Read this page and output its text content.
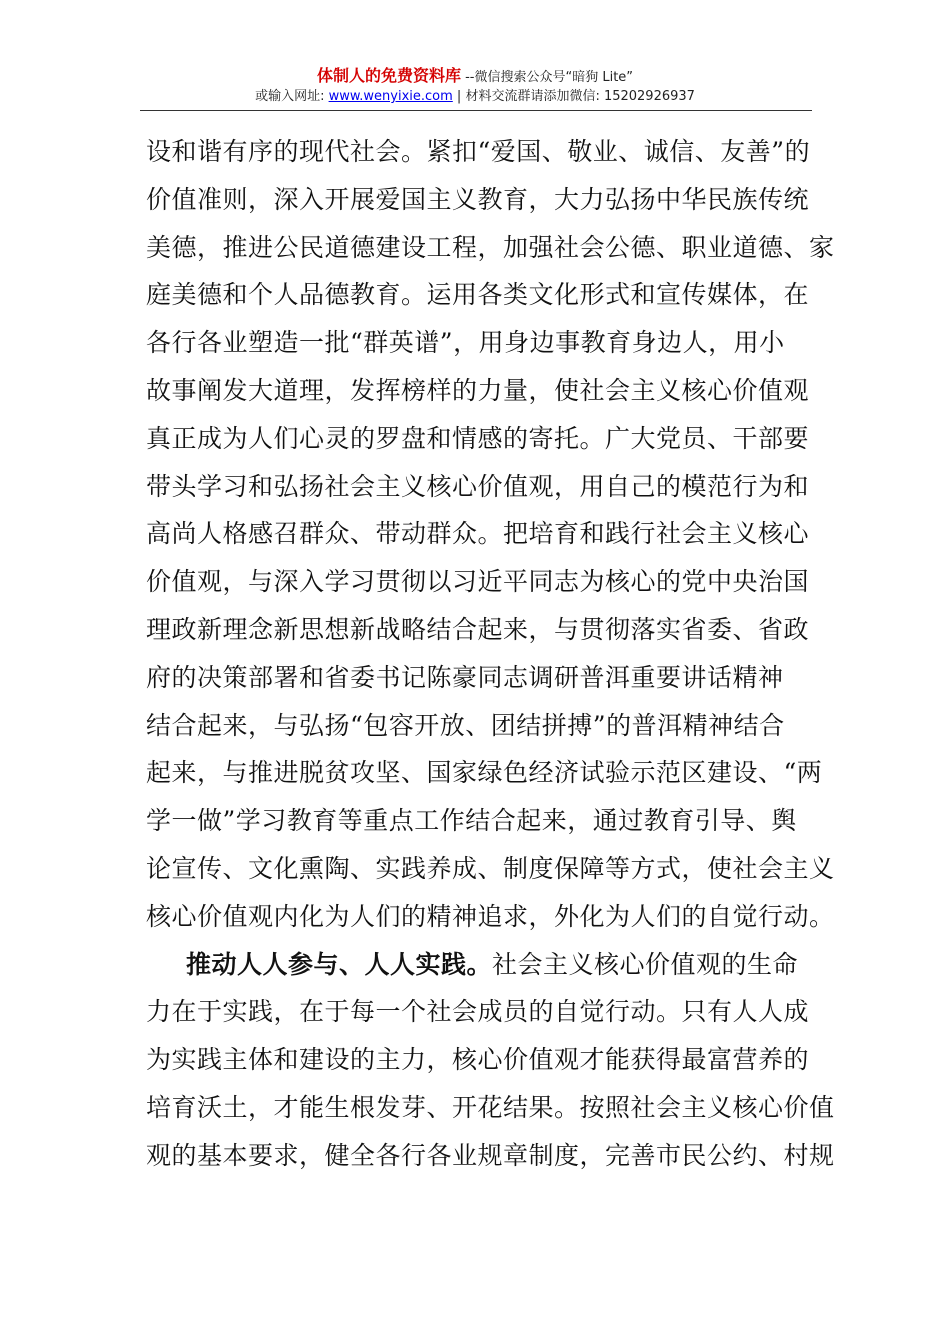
体制人的免费资料库 --微信搜索公众号“暗狗 Lite”
或输入网址: www.wenyixie.com | 材料交流群请添加微信: 15202926937

设和谐有序的现代社会。紧扣“爱国、敬业、诚信、友善”的
价值准则，深入开展爱国主义教育，大力弘扬中华民族传统
美德，推进公民道德建设工程，加强社会公德、职业道德、家
庭美德和个人品德教育。运用各类文化形式和宣传媒体，在
各行各业塑造一批“群英谱”，用身边事教育身边人，用小
故事阐发大道理，发挥榜样的力量，使社会主义核心价值观
真正成为人们心灵的罗盘和情感的寄托。广大党员、干部要
带头学习和弘扬社会主义核心价值观，用自己的模范行为和
高尚人格感召群众、带动群众。把培育和践行社会主义核心
价值观，与深入学习贯彻以习近平同志为核心的党中央治国
理政新理念新思想新战略结合起来，与贯彻落实省委、省政
府的决策部署和省委书记陈豪同志调研普洱重要讲话精神
结合起来，与弘扬“包容开放、团结拼搏”的普洱精神结合
起来，与推进脱贫攻坚、国家绿色经济试验示范区建设、“两
学一做”学习教育等重点工作结合起来，通过教育引导、舆
论宣传、文化熏陶、实践养成、制度保障等方式，使社会主义
核心价值观内化为人们的精神追求，外化为人们的自觉行动。

推动人人参与、人人实践。社会主义核心价值观的生命
力在于实践，在于每一个社会成员的自觉行动。只有人人成
为实践主体和建设的主力，核心价值观才能获得最富营养的
培育沃土，才能生根发芽、开花结果。按照社会主义核心价值
观的基本要求，健全各行各业规章制度，完善市民公约、村规
